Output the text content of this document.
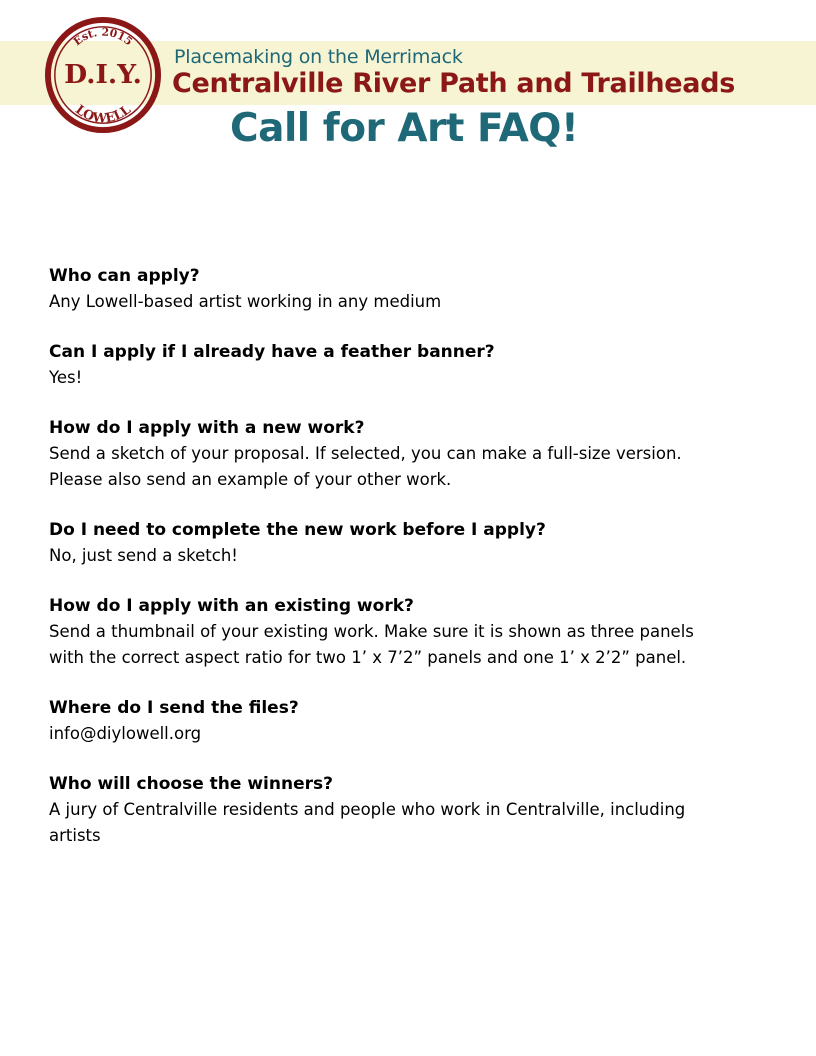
Est. 2015
D.I.Y.
LOWELL
Placemaking on the Merrimack
Centralville River Path and Trailheads
Call for Art FAQ!
Who can apply?

Any Lowell-based artist working in any medium

Can I apply if I already have a feather banner?

Yes!

How do I apply with a new work?

Send a sketch of your proposal. If selected, you can make a full-size version.

Please also send an example of your other work.

Do I need to complete the new work before I apply?

No, just send a sketch!

How do I apply with an existing work?

Send a thumbnail of your existing work. Make sure it is shown as three panels

with the correct aspect ratio for two 1’ x 7’2” panels and one 1’ x 2’2” panel.

Where do I send the files?

info@diylowell.org

Who will choose the winners?

A jury of Centralville residents and people who work in Centralville, including

artists
